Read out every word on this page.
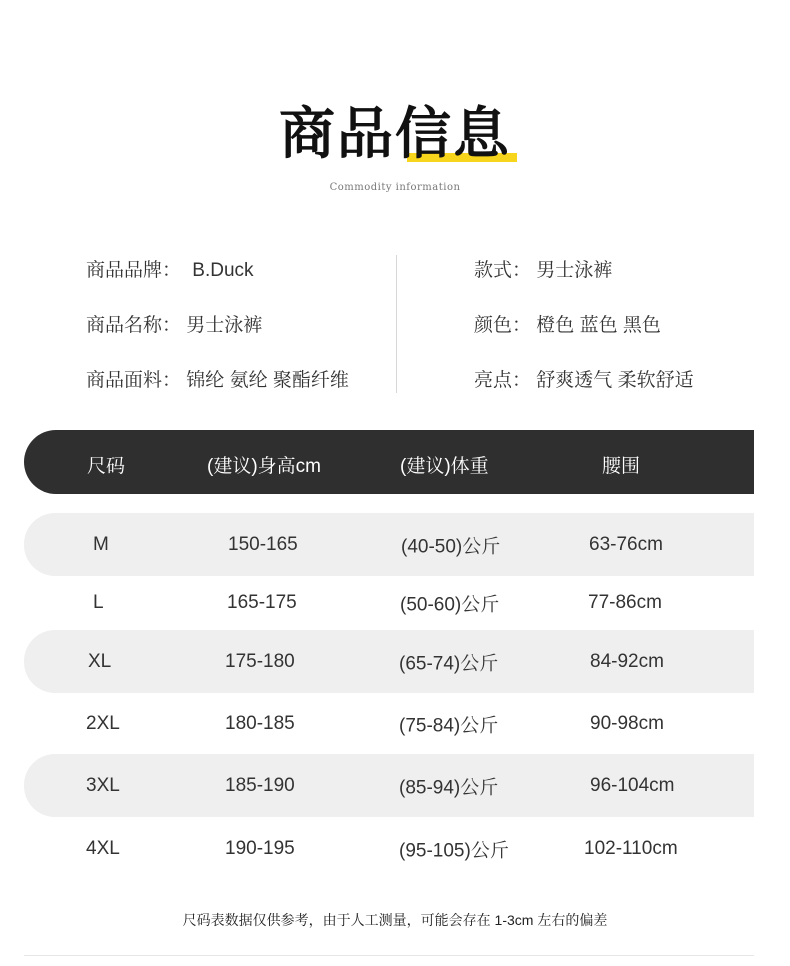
商品信息
Commodity information
商品品牌： B.Duck
商品名称： 男士泳裤
商品面料： 锦纶 氨纶 聚酯纤维
款式： 男士泳裤
颜色： 橙色 蓝色 黑色
亮点： 舒爽透气 柔软舒适
尺码	(建议)身高cm	(建议)体重	腰围
M	150-165	(40-50)公斤	63-76cm
L	165-175	(50-60)公斤	77-86cm
XL	175-180	(65-74)公斤	84-92cm
2XL	180-185	(75-84)公斤	90-98cm
3XL	185-190	(85-94)公斤	96-104cm
4XL	190-195	(95-105)公斤	102-110cm
尺码表数据仅供参考，由于人工测量，可能会存在 1-3cm 左右的偏差
